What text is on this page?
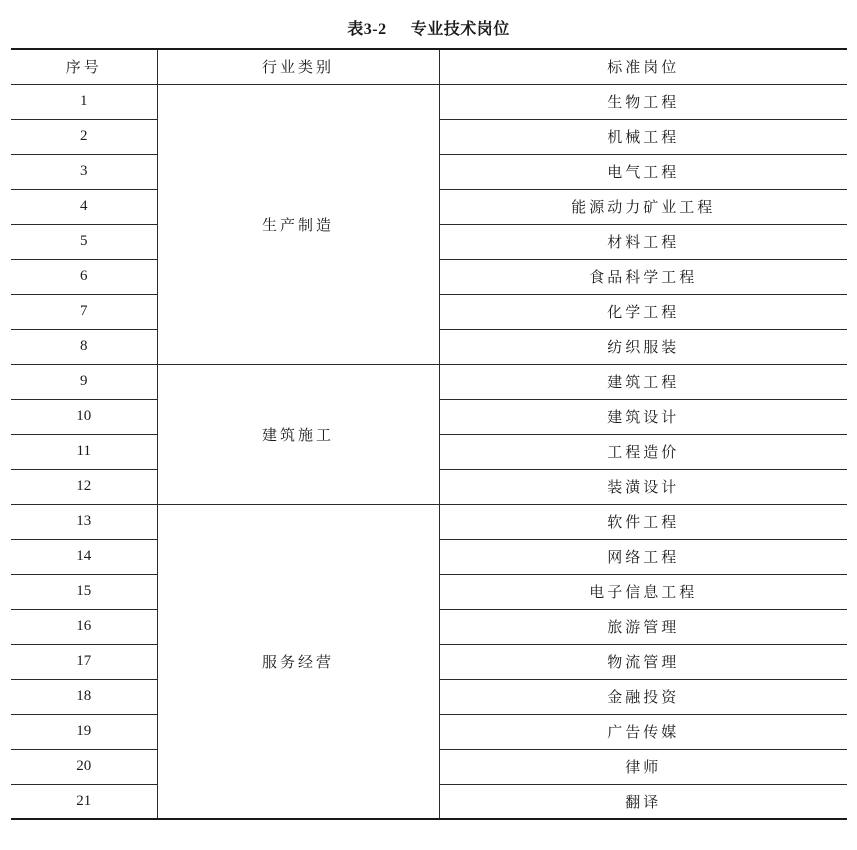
表3-2 专业技术岗位
序号	行业类别	标准岗位
1	生产制造	生物工程
2		机械工程
3		电气工程
4		能源动力矿业工程
5		材料工程
6		食品科学工程
7		化学工程
8		纺织服装
9	建筑施工	建筑工程
10		建筑设计
11		工程造价
12		装潢设计
13	服务经营	软件工程
14		网络工程
15		电子信息工程
16		旅游管理
17		物流管理
18		金融投资
19		广告传媒
20		律师
21		翻译
